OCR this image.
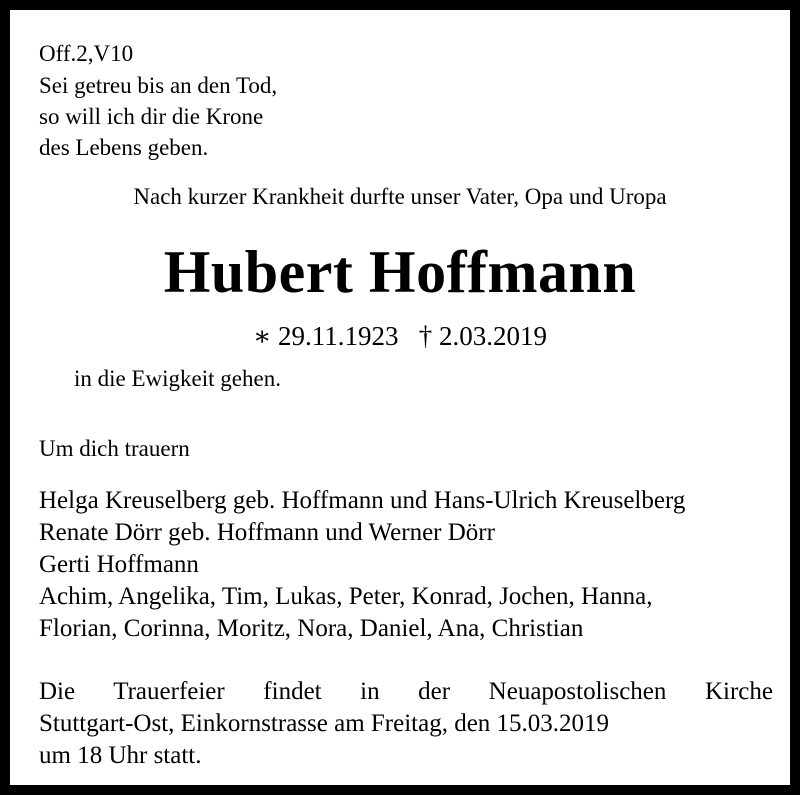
Off.2,V10
Sei getreu bis an den Tod,
so will ich dir die Krone
des Lebens geben.
Nach kurzer Krankheit durfte unser Vater, Opa und Uropa
Hubert Hoffmann
∗ 29.11.1923 † 2.03.2019
in die Ewigkeit gehen.
Um dich trauern
Helga Kreuselberg geb. Hoffmann und Hans-Ulrich Kreuselberg
Renate Dörr geb. Hoffmann und Werner Dörr
Gerti Hoffmann
Achim, Angelika, Tim, Lukas, Peter, Konrad, Jochen, Hanna,
Florian, Corinna, Moritz, Nora, Daniel, Ana, Christian
Die Trauerfeier findet in der Neuapostolischen Kirche
Stuttgart-Ost, Einkornstrasse am Freitag, den 15.03.2019
um 18 Uhr statt.
